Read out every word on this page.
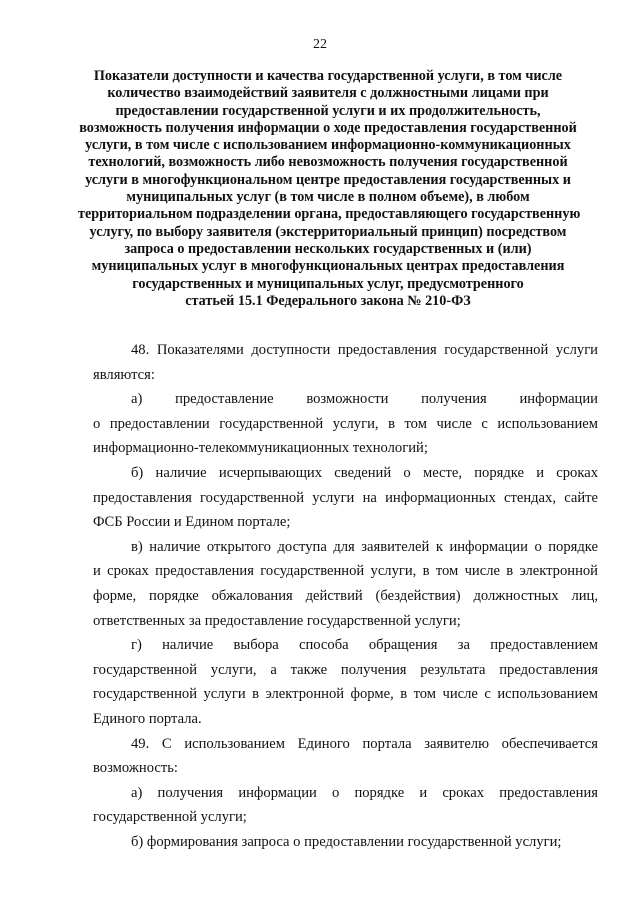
22
Показатели доступности и качества государственной услуги, в том числе
количество взаимодействий заявителя с должностными лицами при
предоставлении государственной услуги и их продолжительность,
возможность получения информации о ходе предоставления государственной
услуги, в том числе с использованием информационно-коммуникационных
технологий, возможность либо невозможность получения государственной
услуги в многофункциональном центре предоставления государственных и
муниципальных услуг (в том числе в полном объеме), в любом
территориальном подразделении органа, предоставляющего государственную
услугу, по выбору заявителя (экстерриториальный принцип) посредством
запроса о предоставлении нескольких государственных и (или)
муниципальных услуг в многофункциональных центрах предоставления
государственных и муниципальных услуг, предусмотренного
статьей 15.1 Федерального закона № 210-ФЗ

48. Показателями доступности предоставления государственной услуги
являются:

а) предоставление возможности получения информации
о предоставлении государственной услуги, в том числе с использованием
информационно-телекоммуникационных технологий;

б) наличие исчерпывающих сведений о месте, порядке и сроках
предоставления государственной услуги на информационных стендах, сайте
ФСБ России и Едином портале;

в) наличие открытого доступа для заявителей к информации о порядке
и сроках предоставления государственной услуги, в том числе в электронной
форме, порядке обжалования действий (бездействия) должностных лиц,
ответственных за предоставление государственной услуги;

г) наличие выбора способа обращения за предоставлением
государственной услуги, а также получения результата предоставления
государственной услуги в электронной форме, в том числе с использованием
Единого портала.

49. С использованием Единого портала заявителю обеспечивается
возможность:

а) получения информации о порядке и сроках предоставления
государственной услуги;

б) формирования запроса о предоставлении государственной услуги;
